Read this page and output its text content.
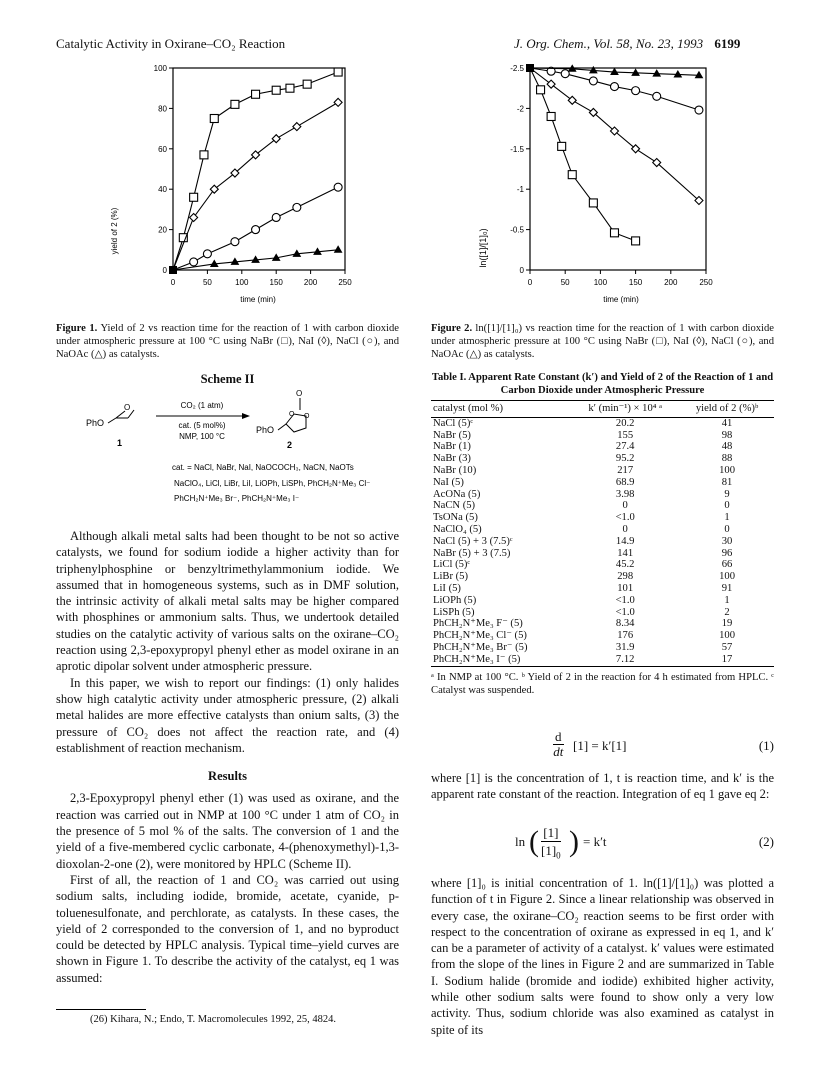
Catalytic Activity in Oxirane–CO₂ Reaction	J. Org. Chem., Vol. 58, No. 23, 1993 6199
yield of 2 (%)
time (min)
0	50	100	150	200	250
0
20
40
60
80
100
ln([1]/[1]₀)
time (min)
0	50	100	150	200	250
0
-0.5
-1
-1.5
-2
-2.5
Figure 1. Yield of 2 vs reaction time for the reaction of 1 with carbon dioxide under atmospheric pressure at 100 °C using NaBr (□), NaI (◊), NaCl (○), and NaOAc (△) as catalysts.
Figure 2. ln([1]/[1]₀) vs reaction time for the reaction of 1 with carbon dioxide under atmospheric pressure at 100 °C using NaBr (□), NaI (◊), NaCl (○), and NaOAc (△) as catalysts.
Scheme II
PhO
O
1
CO₂ (1 atm)
cat. (5 mol%)
NMP, 100 °C
PhO
O
O O
2
cat. = NaCl, NaBr, NaI, NaOCOCH₃, NaCN, NaOTs
NaClO₄, LiCl, LiBr, LiI, LiOPh, LiSPh, PhCH₂N⁺Me₃ Cl⁻
PhCH₂N⁺Me₃ Br⁻, PhCH₂N⁺Me₃ I⁻

Although alkali metal salts had been thought to be not so active catalysts, we found for sodium iodide a higher activity than for triphenylphosphine or benzyltrimethylammonium iodide. We assumed that in homogeneous systems, such as in DMF solution, the intrinsic activity of alkali metal salts may be higher compared with phosphines or ammonium salts. Thus, we undertook detailed studies on the catalytic activity of various salts on the oxirane–CO₂ reaction using 2,3-epoxypropyl phenyl ether as model oxirane in an aprotic dipolar solvent under atmospheric pressure.

In this paper, we wish to report our findings: (1) only halides show high catalytic activity under atmospheric pressure, (2) alkali metal halides are more effective catalysts than onium salts, (3) the pressure of CO₂ does not affect the reaction rate, and (4) establishment of reaction mechanism.

Results

2,3-Epoxypropyl phenyl ether (1) was used as oxirane, and the reaction was carried out in NMP at 100 °C under 1 atm of CO₂ in the presence of 5 mol % of the salts. The conversion of 1 and the yield of a five-membered cyclic carbonate, 4-(phenoxymethyl)-1,3-dioxolan-2-one (2), were monitored by HPLC (Scheme II).

First of all, the reaction of 1 and CO₂ was carried out using sodium salts, including iodide, bromide, acetate, cyanide, p-toluenesulfonate, and perchlorate, as catalysts. In these cases, the yield of 2 corresponded to the conversion of 1, and no byproduct could be detected by HPLC analysis. Typical time–yield curves are shown in Figure 1. To describe the activity of the catalyst, eq 1 was assumed:

(26) Kihara, N.; Endo, T. Macromolecules 1992, 25, 4824.
Table I. Apparent Rate Constant (k′) and Yield of 2 of the Reaction of 1 and Carbon Dioxide under Atmospheric Pressure
catalyst (mol %)	k′ (min⁻¹) × 10⁴ ᵃ	yield of 2 (%)ᵇ
NaCl (5)ᶜ	20.2	41
NaBr (5)	155	98
NaBr (1)	27.4	48
NaBr (3)	95.2	88
NaBr (10)	217	100
NaI (5)	68.9	81
AcONa (5)	3.98	9
NaCN (5)	0	0
TsONa (5)	<1.0	1
NaClO₄ (5)	0	0
NaCl (5) + 3 (7.5)ᶜ	14.9	30
NaBr (5) + 3 (7.5)	141	96
LiCl (5)ᶜ	45.2	66
LiBr (5)	298	100
LiI (5)	101	91
LiOPh (5)	<1.0	1
LiSPh (5)	<1.0	2
PhCH₂N⁺Me₃ F⁻ (5)	8.34	19
PhCH₂N⁺Me₃ Cl⁻ (5)	176	100
PhCH₂N⁺Me₃ Br⁻ (5)	31.9	57
PhCH₂N⁺Me₃ I⁻ (5)	7.12	17
ᵃ In NMP at 100 °C. ᵇ Yield of 2 in the reaction for 4 h estimated from HPLC. ᶜ Catalyst was suspended.
d
dt [1] = k′[1]	(1)
where [1] is the concentration of 1, t is reaction time, and k′ is the apparent rate constant of the reaction. Integration of eq 1 gave eq 2:
ln ( [1]
$[1]_0$ ) = k′t	(2)
where [1]₀ is initial concentration of 1. ln([1]/[1]₀) was plotted a function of t in Figure 2. Since a linear relationship was observed in every case, the oxirane–CO₂ reaction seems to be first order with respect to the concentration of oxirane as expressed in eq 1, and k′ can be a parameter of activity of a catalyst. k′ values were estimated from the slope of the lines in Figure 2 and are summarized in Table I. Sodium halide (bromide and iodide) exhibited higher activity, while other sodium salts were found to show only a very low activity. Thus, sodium chloride was also examined as catalyst in spite of its
